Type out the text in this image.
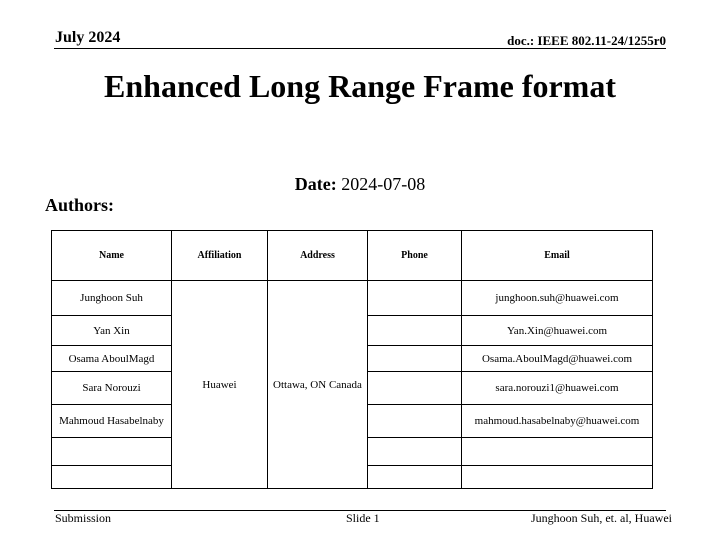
July 2024	doc.: IEEE 802.11-24/1255r0
Enhanced Long Range Frame format
Date: 2024-07-08
Authors:
Name	Affiliation	Address	Phone	Email
Junghoon Suh	Huawei	Ottawa, ON Canada		junghoon.suh@huawei.com
Yan Xin				Yan.Xin@huawei.com
Osama AboulMagd				Osama.AboulMagd@huawei.com
Sara Norouzi				sara.norouzi1@huawei.com
Mahmoud Hasabelnaby				mahmoud.hasabelnaby@huawei.com

Submission	Slide 1	Junghoon Suh, et. al, Huawei
